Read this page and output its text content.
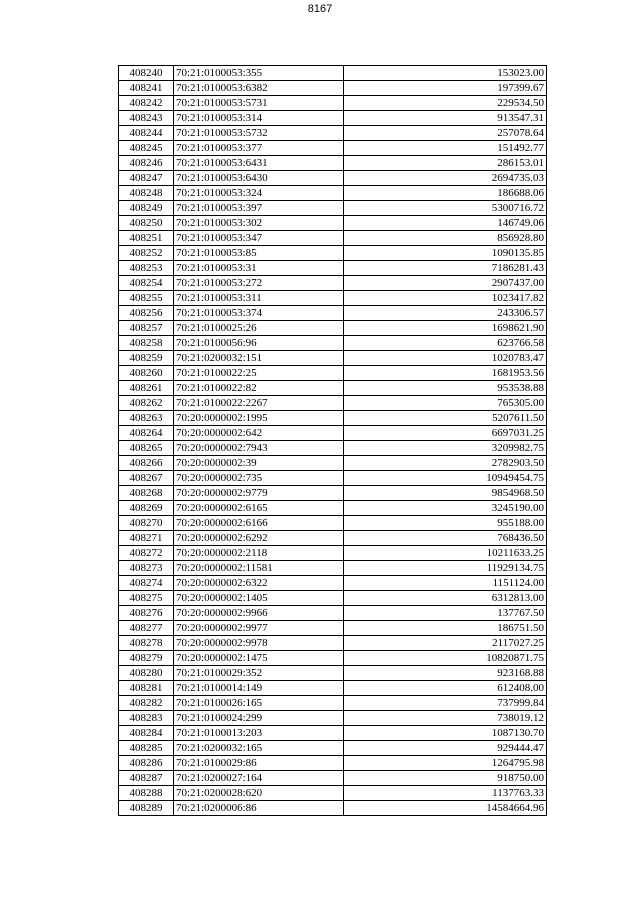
8167
408240	70:21:0100053:355	153023.00
408241	70:21:0100053:6382	197399.67
408242	70:21:0100053:5731	229534.50
408243	70:21:0100053:314	913547.31
408244	70:21:0100053:5732	257078.64
408245	70:21:0100053:377	151492.77
408246	70:21:0100053:6431	286153.01
408247	70:21:0100053:6430	2694735.03
408248	70:21:0100053:324	186688.06
408249	70:21:0100053:397	5300716.72
408250	70:21:0100053:302	146749.06
408251	70:21:0100053:347	856928.80
408252	70:21:0100053:85	1090135.85
408253	70:21:0100053:31	7186281.43
408254	70:21:0100053:272	2907437.00
408255	70:21:0100053:311	1023417.82
408256	70:21:0100053:374	243306.57
408257	70:21:0100025:26	1698621.90
408258	70:21:0100056:96	623766.58
408259	70:21:0200032:151	1020783.47
408260	70:21:0100022:25	1681953.56
408261	70:21:0100022:82	953538.88
408262	70:21:0100022:2267	765305.00
408263	70:20:0000002:1995	5207611.50
408264	70:20:0000002:642	6697031.25
408265	70:20:0000002:7943	3209982.75
408266	70:20:0000002:39	2782903.50
408267	70:20:0000002:735	10949454.75
408268	70:20:0000002:9779	9854968.50
408269	70:20:0000002:6165	3245190.00
408270	70:20:0000002:6166	955188.00
408271	70:20:0000002:6292	768436.50
408272	70:20:0000002:2118	10211633.25
408273	70:20:0000002:11581	11929134.75
408274	70:20:0000002:6322	1151124.00
408275	70:20:0000002:1405	6312813.00
408276	70:20:0000002:9966	137767.50
408277	70:20:0000002:9977	186751.50
408278	70:20:0000002:9978	2117027.25
408279	70:20:0000002:1475	10820871.75
408280	70:21:0100029:352	923168.88
408281	70:21:0100014:149	612408.00
408282	70:21:0100026:165	737999.84
408283	70:21:0100024:299	738019.12
408284	70:21:0100013:203	1087130.70
408285	70:21:0200032:165	929444.47
408286	70:21:0100029:86	1264795.98
408287	70:21:0200027:164	918750.00
408288	70:21:0200028:620	1137763.33
408289	70:21:0200006:86	14584664.96
